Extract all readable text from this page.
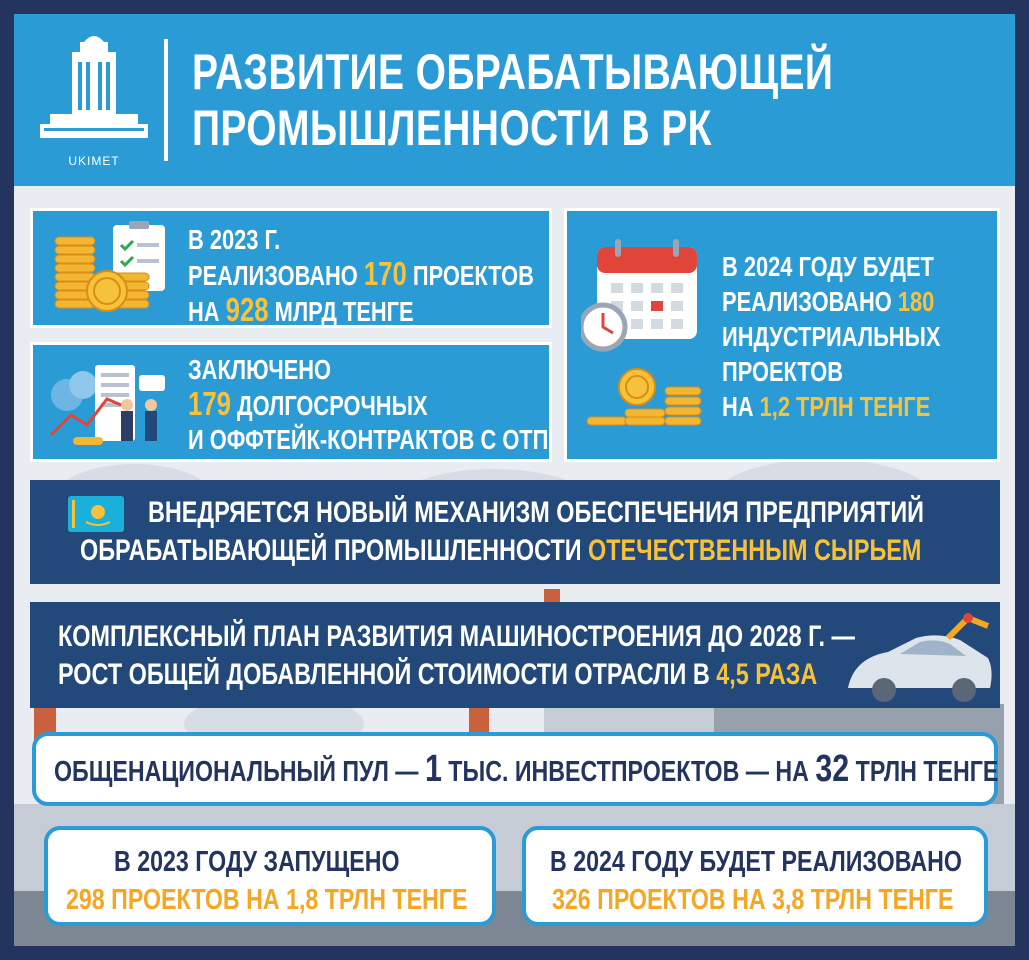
UKIMET
РАЗВИТИЕ ОБРАБАТЫВАЮЩЕЙ
ПРОМЫШЛЕННОСТИ В РК
В 2023 Г.
РЕАЛИЗОВАНО 170 ПРОЕКТОВ
НА 928 МЛРД ТЕНГЕ
ЗАКЛЮЧЕНО
179 ДОЛГОСРОЧНЫХ
И ОФФТЕЙК-КОНТРАКТОВ С ОТП
В 2024 ГОДУ БУДЕТ
РЕАЛИЗОВАНО 180
ИНДУСТРИАЛЬНЫХ
ПРОЕКТОВ
НА 1,2 ТРЛН ТЕНГЕ
ВНЕДРЯЕТСЯ НОВЫЙ МЕХАНИЗМ ОБЕСПЕЧЕНИЯ ПРЕДПРИЯТИЙ
ОБРАБАТЫВАЮЩЕЙ ПРОМЫШЛЕННОСТИ ОТЕЧЕСТВЕННЫМ СЫРЬЕМ
КОМПЛЕКСНЫЙ ПЛАН РАЗВИТИЯ МАШИНОСТРОЕНИЯ ДО 2028 Г. —
РОСТ ОБЩЕЙ ДОБАВЛЕННОЙ СТОИМОСТИ ОТРАСЛИ В 4,5 РАЗА
ОБЩЕНАЦИОНАЛЬНЫЙ ПУЛ — 1 ТЫС. ИНВЕСТПРОЕКТОВ — НА 32 ТРЛН ТЕНГЕ
В 2023 ГОДУ ЗАПУЩЕНО
298 ПРОЕКТОВ НА 1,8 ТРЛН ТЕНГЕ
В 2024 ГОДУ БУДЕТ РЕАЛИЗОВАНО
326 ПРОЕКТОВ НА 3,8 ТРЛН ТЕНГЕ
